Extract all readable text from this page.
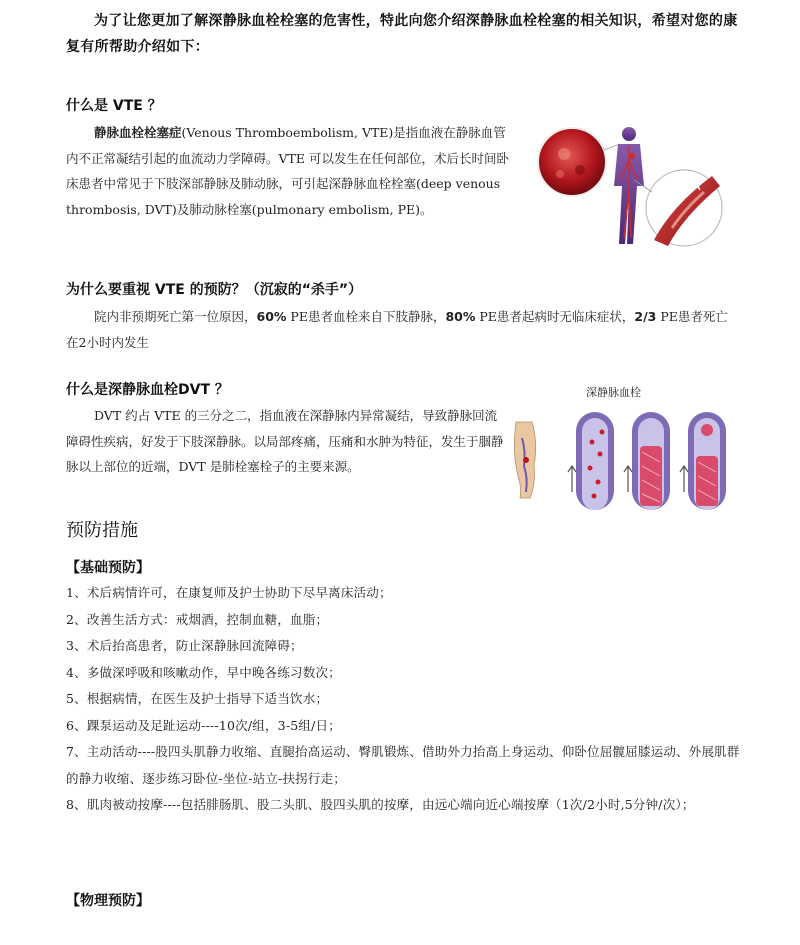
为了让您更加了解深静脉血栓栓塞的危害性，特此向您介绍深静脉血栓栓塞的相关知识，希望对您的康复有所帮助介绍如下：
什么是 VTE ？
静脉血栓栓塞症(Venous Thromboembolism, VTE)是指血液在静脉血管内不正常凝结引起的血流动力学障碍。VTE 可以发生在任何部位，术后长时间卧床患者中常见于下肢深部静脉及肺动脉，可引起深静脉血栓栓塞(deep venous thrombosis, DVT)及肺动脉栓塞(pulmonary embolism, PE)。
为什么要重视 VTE 的预防？（沉寂的“杀手”）
院内非预期死亡第一位原因，60% PE患者血栓来自下肢静脉，80% PE患者起病时无临床症状，2/3 PE患者死亡在2小时内发生
什么是深静脉血栓DVT ？
DVT 约占 VTE 的三分之二，指血液在深静脉内异常凝结，导致静脉回流障碍性疾病，好发于下肢深静脉。以局部疼痛，压痛和水肿为特征，发生于腘静脉以上部位的近端，DVT 是肺栓塞栓子的主要来源。
深静脉血栓
预防措施
【基础预防】
1、术后病情许可，在康复师及护士协助下尽早离床活动；
2、改善生活方式：戒烟酒，控制血糖，血脂；
3、术后抬高患者，防止深静脉回流障碍；
4、多做深呼吸和咳嗽动作，早中晚各练习数次；
5、根据病情，在医生及护士指导下适当饮水；
6、踝泵运动及足趾运动----10次/组，3-5组/日；
7、主动活动----股四头肌静力收缩、直腿抬高运动、臀肌锻炼、借助外力抬高上身运动、仰卧位屈髋屈膝运动、外展肌群的静力收缩、逐步练习卧位-坐位-站立-扶拐行走；
8、肌肉被动按摩----包括腓肠肌、股二头肌、股四头肌的按摩，由远心端向近心端按摩（1次/2小时,5分钟/次）；
【物理预防】
